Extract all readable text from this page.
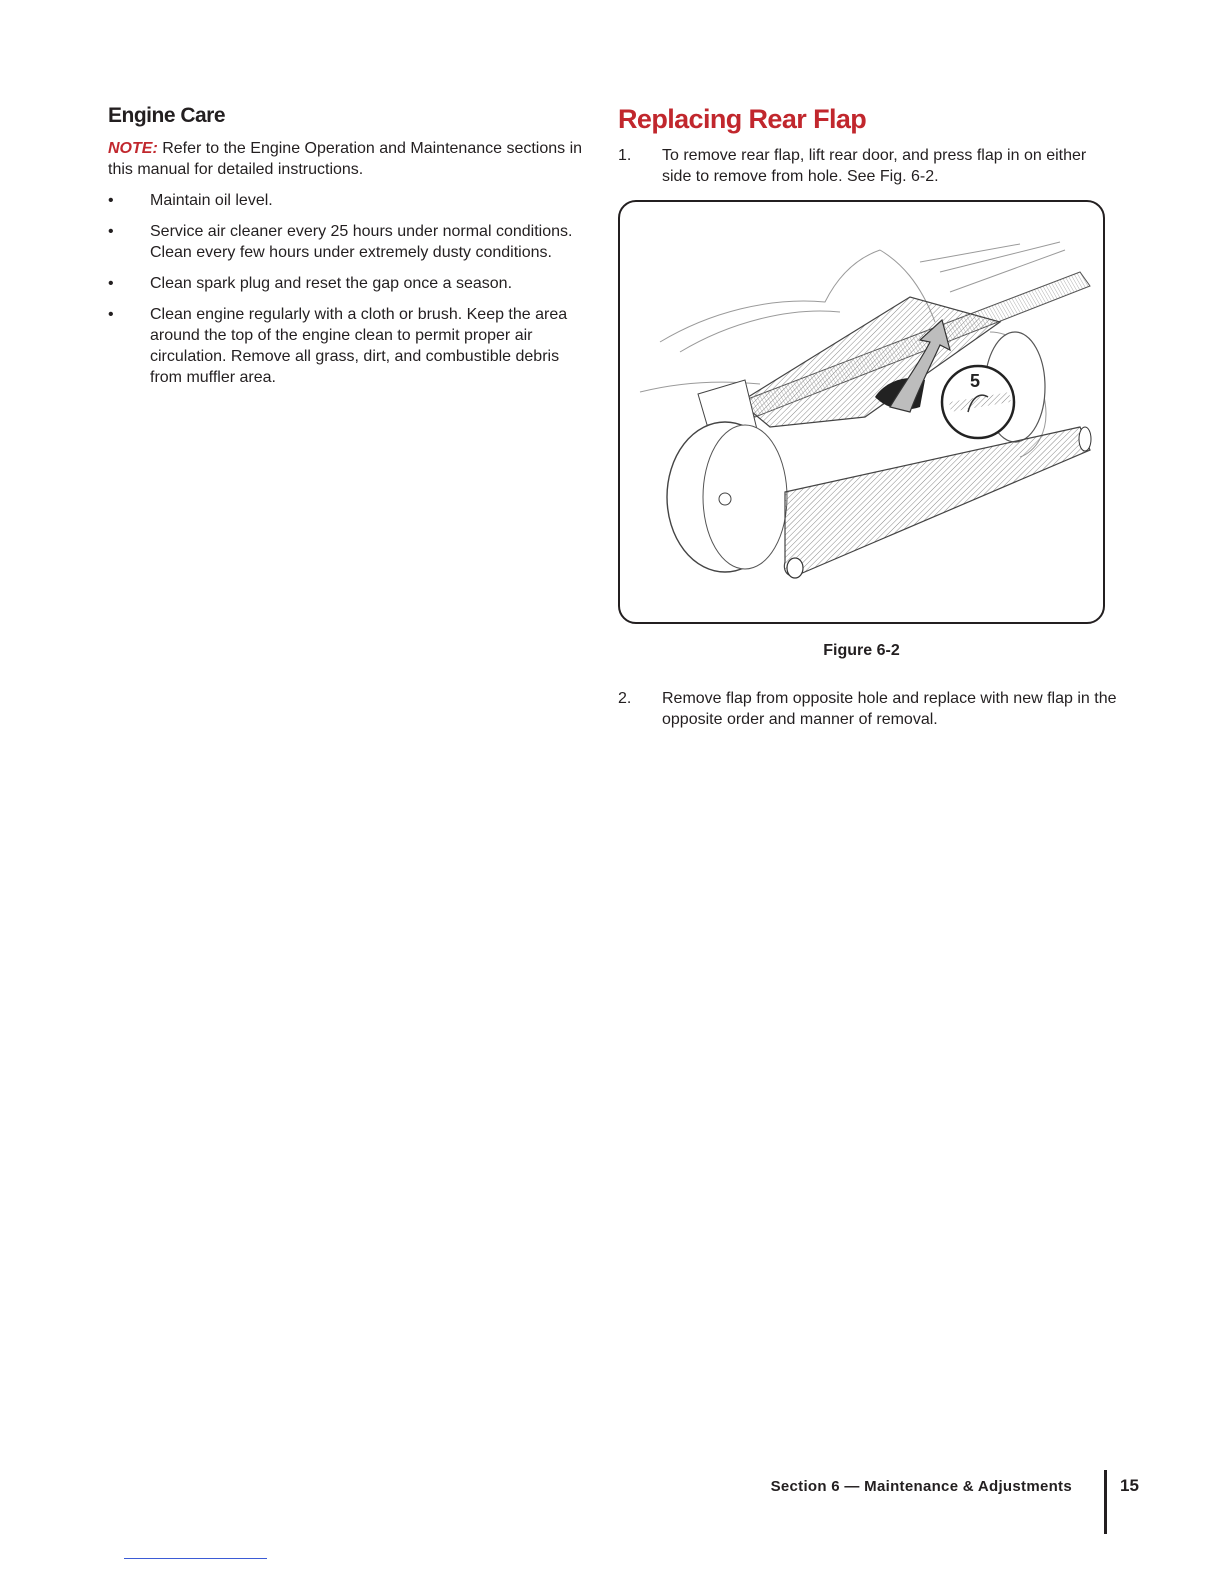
Engine Care

NOTE: Refer to the Engine Operation and Maintenance sections in this manual for detailed instructions.

• Maintain oil level.
• Service air cleaner every 25 hours under normal conditions. Clean every few hours under extremely dusty conditions.
• Clean spark plug and reset the gap once a season.
• Clean engine regularly with a cloth or brush. Keep the area around the top of the engine clean to permit proper air circulation. Remove all grass, dirt, and combustible debris from muffler area.
Replacing Rear Flap
1. To remove rear flap, lift rear door, and press flap in on either side to remove from hole. See Fig. 6-2.
5
Figure 6-2
2. Remove flap from opposite hole and replace with new flap in the opposite order and manner of removal.
Section 6 — Maintenance & Adjustments	15
